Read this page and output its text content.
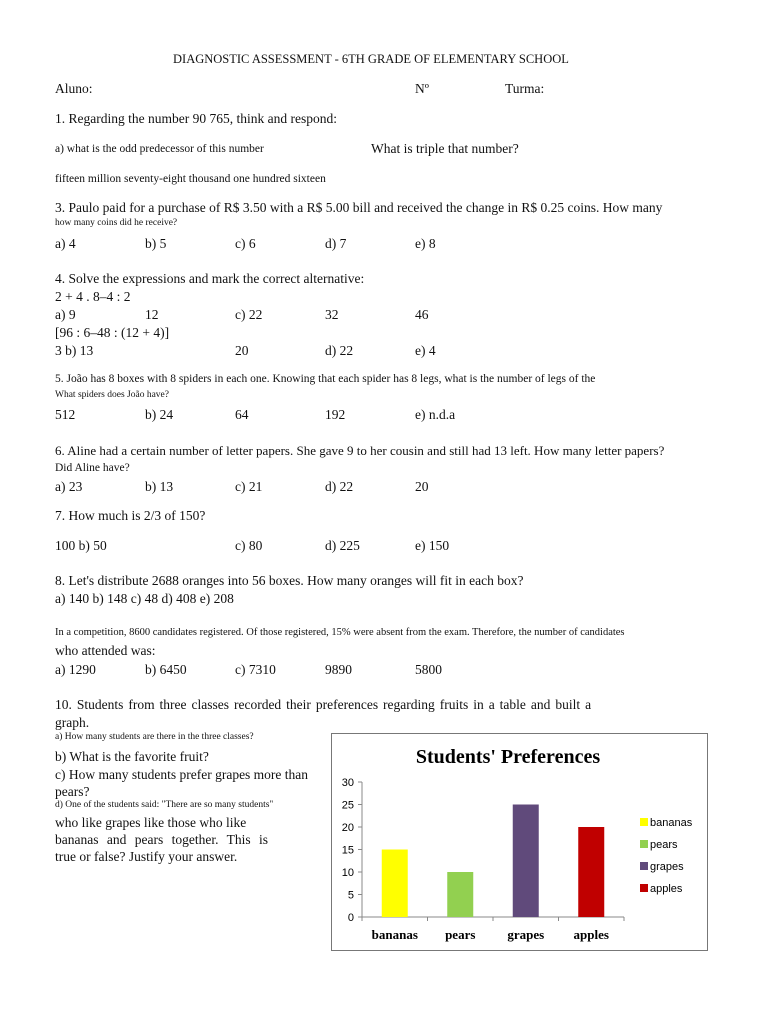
DIAGNOSTIC ASSESSMENT - 6TH GRADE OF ELEMENTARY SCHOOL
Aluno:	Nº	Turma:
1. Regarding the number 90 765, think and respond:
a) what is the odd predecessor of this number	What is triple that number?
fifteen million seventy-eight thousand one hundred sixteen
3. Paulo paid for a purchase of R$ 3.50 with a R$ 5.00 bill and received the change in R$ 0.25 coins. How many
how many coins did he receive?
a) 4	b) 5	c) 6	d) 7	e) 8
4. Solve the expressions and mark the correct alternative:
2 + 4 . 8–4 : 2
a) 9	12	c) 22	32	46
[96 : 6–48 : (12 + 4)]
3 b) 13	20	d) 22	e) 4
5. João has 8 boxes with 8 spiders in each one. Knowing that each spider has 8 legs, what is the number of legs of the
What spiders does João have?
512	b) 24	64	192	e) n.d.a
6. Aline had a certain number of letter papers. She gave 9 to her cousin and still had 13 left. How many letter papers?
Did Aline have?
a) 23	b) 13	c) 21	d) 22	20
7. How much is 2/3 of 150?
100 b) 50	c) 80	d) 225	e) 150
8. Let's distribute 2688 oranges into 56 boxes. How many oranges will fit in each box?
a) 140 b) 148 c) 48 d) 408 e) 208
In a competition, 8600 candidates registered. Of those registered, 15% were absent from the exam. Therefore, the number of candidates
who attended was:
a) 1290	b) 6450	c) 7310	9890	5800
10. Students from three classes recorded their preferences regarding fruits in a table and built a
graph.
a) How many students are there in the three classes?
b) What is the favorite fruit?
c) How many students prefer grapes more than
pears?
d) One of the students said: "There are so many students"
who like grapes like those who like
bananas and pears together. This is
true or false? Justify your answer.
Students' Preferences
0
5
10
15
20
25
30
bananas pears grapes apples
bananas
pears
grapes
apples
